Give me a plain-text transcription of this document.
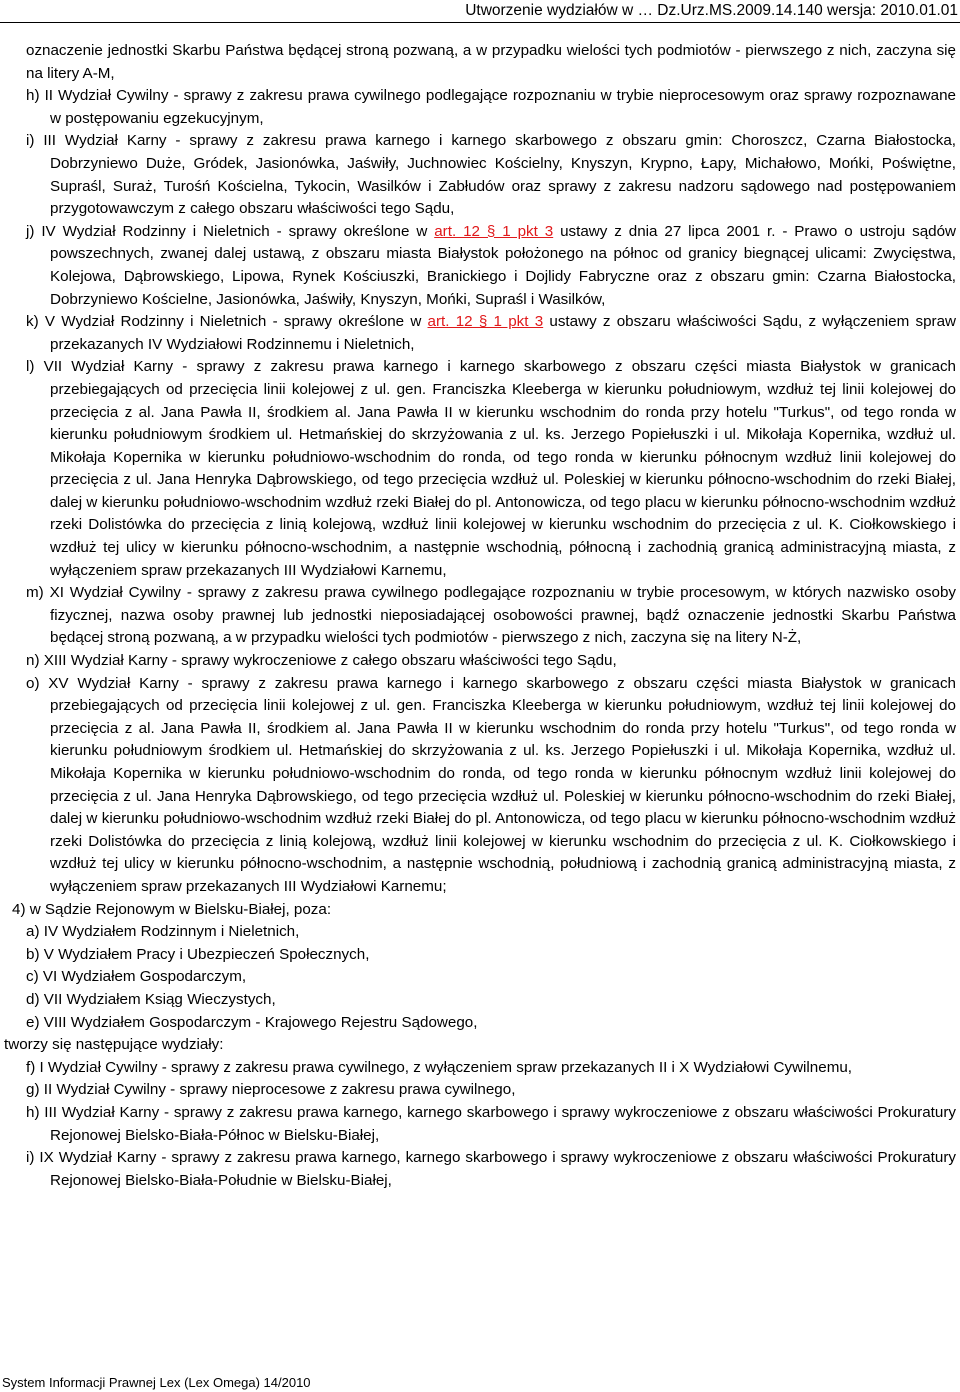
Utworzenie wydziałów w … Dz.Urz.MS.2009.14.140 wersja: 2010.01.01
oznaczenie jednostki Skarbu Państwa będącej stroną pozwaną, a w przypadku wielości tych podmiotów - pierwszego z nich, zaczyna się na litery A-M,
h) II Wydział Cywilny - sprawy z zakresu prawa cywilnego podlegające rozpoznaniu w trybie nieprocesowym oraz sprawy rozpoznawane w postępowaniu egzekucyjnym,
i) III Wydział Karny - sprawy z zakresu prawa karnego i karnego skarbowego z obszaru gmin: Choroszcz, Czarna Białostocka, Dobrzyniewo Duże, Gródek, Jasionówka, Jaświły, Juchnowiec Kościelny, Knyszyn, Krypno, Łapy, Michałowo, Mońki, Poświętne, Supraśl, Suraż, Turośń Kościelna, Tykocin, Wasilków i Zabłudów oraz sprawy z zakresu nadzoru sądowego nad postępowaniem przygotowawczym z całego obszaru właściwości tego Sądu,
j) IV Wydział Rodzinny i Nieletnich - sprawy określone w art. 12 § 1 pkt 3 ustawy z dnia 27 lipca 2001 r. - Prawo o ustroju sądów powszechnych, zwanej dalej ustawą, z obszaru miasta Białystok położonego na północ od granicy biegnącej ulicami: Zwycięstwa, Kolejowa, Dąbrowskiego, Lipowa, Rynek Kościuszki, Branickiego i Dojlidy Fabryczne oraz z obszaru gmin: Czarna Białostocka, Dobrzyniewo Kościelne, Jasionówka, Jaświły, Knyszyn, Mońki, Supraśl i Wasilków,
k) V Wydział Rodzinny i Nieletnich - sprawy określone w art. 12 § 1 pkt 3 ustawy z obszaru właściwości Sądu, z wyłączeniem spraw przekazanych IV Wydziałowi Rodzinnemu i Nieletnich,
l) VII Wydział Karny - sprawy z zakresu prawa karnego i karnego skarbowego z obszaru części miasta Białystok w granicach przebiegających od przecięcia linii kolejowej z ul. gen. Franciszka Kleeberga w kierunku południowym, wzdłuż tej linii kolejowej do przecięcia z al. Jana Pawła II, środkiem al. Jana Pawła II w kierunku wschodnim do ronda przy hotelu "Turkus", od tego ronda w kierunku południowym środkiem ul. Hetmańskiej do skrzyżowania z ul. ks. Jerzego Popiełuszki i ul. Mikołaja Kopernika, wzdłuż ul. Mikołaja Kopernika w kierunku południowo-wschodnim do ronda, od tego ronda w kierunku północnym wzdłuż linii kolejowej do przecięcia z ul. Jana Henryka Dąbrowskiego, od tego przecięcia wzdłuż ul. Poleskiej w kierunku północno-wschodnim do rzeki Białej, dalej w kierunku południowo-wschodnim wzdłuż rzeki Białej do pl. Antonowicza, od tego placu w kierunku północno-wschodnim wzdłuż rzeki Dolistówka do przecięcia z linią kolejową, wzdłuż linii kolejowej w kierunku wschodnim do przecięcia z ul. K. Ciołkowskiego i wzdłuż tej ulicy w kierunku północno-wschodnim, a następnie wschodnią, północną i zachodnią granicą administracyjną miasta, z wyłączeniem spraw przekazanych III Wydziałowi Karnemu,
m) XI Wydział Cywilny - sprawy z zakresu prawa cywilnego podlegające rozpoznaniu w trybie procesowym, w których nazwisko osoby fizycznej, nazwa osoby prawnej lub jednostki nieposiadającej osobowości prawnej, bądź oznaczenie jednostki Skarbu Państwa będącej stroną pozwaną, a w przypadku wielości tych podmiotów - pierwszego z nich, zaczyna się na litery N-Ż,
n) XIII Wydział Karny - sprawy wykroczeniowe z całego obszaru właściwości tego Sądu,
o) XV Wydział Karny - sprawy z zakresu prawa karnego i karnego skarbowego z obszaru części miasta Białystok w granicach przebiegających od przecięcia linii kolejowej z ul. gen. Franciszka Kleeberga w kierunku południowym, wzdłuż tej linii kolejowej do przecięcia z al. Jana Pawła II, środkiem al. Jana Pawła II w kierunku wschodnim do ronda przy hotelu "Turkus", od tego ronda w kierunku południowym środkiem ul. Hetmańskiej do skrzyżowania z ul. ks. Jerzego Popiełuszki i ul. Mikołaja Kopernika, wzdłuż ul. Mikołaja Kopernika w kierunku południowo-wschodnim do ronda, od tego ronda w kierunku północnym wzdłuż linii kolejowej do przecięcia z ul. Jana Henryka Dąbrowskiego, od tego przecięcia wzdłuż ul. Poleskiej w kierunku północno-wschodnim do rzeki Białej, dalej w kierunku południowo-wschodnim wzdłuż rzeki Białej do pl. Antonowicza, od tego placu w kierunku północno-wschodnim wzdłuż rzeki Dolistówka do przecięcia z linią kolejową, wzdłuż linii kolejowej w kierunku wschodnim do przecięcia z ul. K. Ciołkowskiego i wzdłuż tej ulicy w kierunku północno-wschodnim, a następnie wschodnią, południową i zachodnią granicą administracyjną miasta, z wyłączeniem spraw przekazanych III Wydziałowi Karnemu;
4) w Sądzie Rejonowym w Bielsku-Białej, poza:
a) IV Wydziałem Rodzinnym i Nieletnich,
b) V Wydziałem Pracy i Ubezpieczeń Społecznych,
c) VI Wydziałem Gospodarczym,
d) VII Wydziałem Ksiąg Wieczystych,
e) VIII Wydziałem Gospodarczym - Krajowego Rejestru Sądowego,
tworzy się następujące wydziały:
f) I Wydział Cywilny - sprawy z zakresu prawa cywilnego, z wyłączeniem spraw przekazanych II i X Wydziałowi Cywilnemu,
g) II Wydział Cywilny - sprawy nieprocesowe z zakresu prawa cywilnego,
h) III Wydział Karny - sprawy z zakresu prawa karnego, karnego skarbowego i sprawy wykroczeniowe z obszaru właściwości Prokuratury Rejonowej Bielsko-Biała-Północ w Bielsku-Białej,
i) IX Wydział Karny - sprawy z zakresu prawa karnego, karnego skarbowego i sprawy wykroczeniowe z obszaru właściwości Prokuratury Rejonowej Bielsko-Biała-Południe w Bielsku-Białej,
System Informacji Prawnej Lex (Lex Omega) 14/2010
